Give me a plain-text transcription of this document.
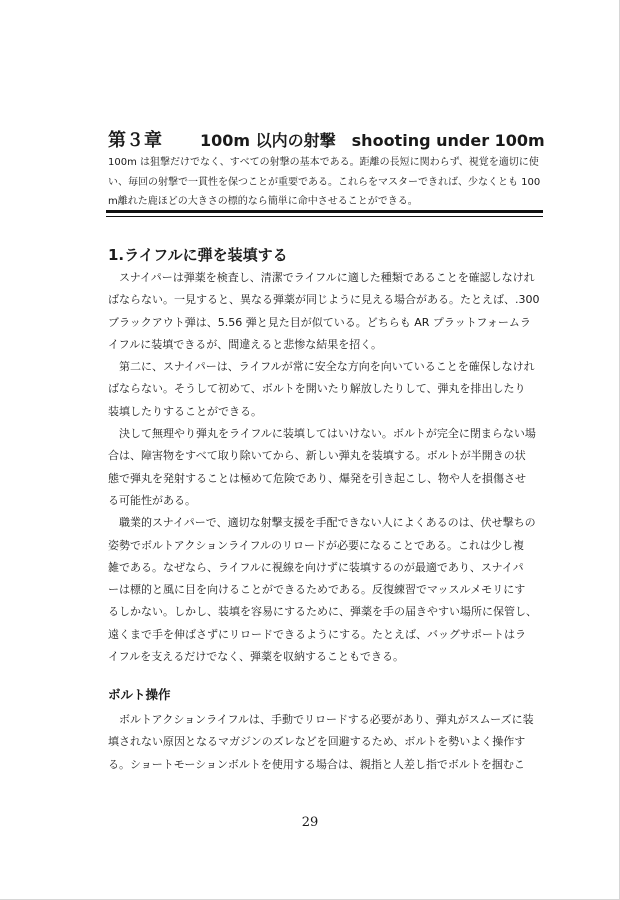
第３章 100m 以内の射撃 shooting under 100m
100m は狙撃だけでなく、すべての射撃の基本である。距離の長短に関わらず、視覚を適切に使
い、毎回の射撃で一貫性を保つことが重要である。これらをマスターできれば、少なくとも 100
m離れた鹿ほどの大きさの標的なら簡単に命中させることができる。
1.ライフルに弾を装填する
　スナイパーは弾薬を検査し、清潔でライフルに適した種類であることを確認しなけれ
ばならない。一見すると、異なる弾薬が同じように見える場合がある。たとえば、.300
ブラックアウト弾は、5.56 弾と見た目が似ている。どちらも AR プラットフォームラ
イフルに装填できるが、間違えると悲惨な結果を招く。
　第二に、スナイパーは、ライフルが常に安全な方向を向いていることを確保しなけれ
ばならない。そうして初めて、ボルトを開いたり解放したりして、弾丸を排出したり
装填したりすることができる。
　決して無理やり弾丸をライフルに装填してはいけない。ボルトが完全に閉まらない場
合は、障害物をすべて取り除いてから、新しい弾丸を装填する。ボルトが半開きの状
態で弾丸を発射することは極めて危険であり、爆発を引き起こし、物や人を損傷させ
る可能性がある。
　職業的スナイパーで、適切な射撃支援を手配できない人によくあるのは、伏せ撃ちの
姿勢でボルトアクションライフルのリロードが必要になることである。これは少し複
雑である。なぜなら、ライフルに視線を向けずに装填するのが最適であり、スナイパ
ーは標的と風に目を向けることができるためである。反復練習でマッスルメモリにす
るしかない。しかし、装填を容易にするために、弾薬を手の届きやすい場所に保管し、
遠くまで手を伸ばさずにリロードできるようにする。たとえば、バッグサポートはラ
イフルを支えるだけでなく、弾薬を収納することもできる。
ボルト操作
　ボルトアクションライフルは、手動でリロードする必要があり、弾丸がスムーズに装
填されない原因となるマガジンのズレなどを回避するため、ボルトを勢いよく操作す
る。ショートモーションボルトを使用する場合は、親指と人差し指でボルトを掴むこ
29
